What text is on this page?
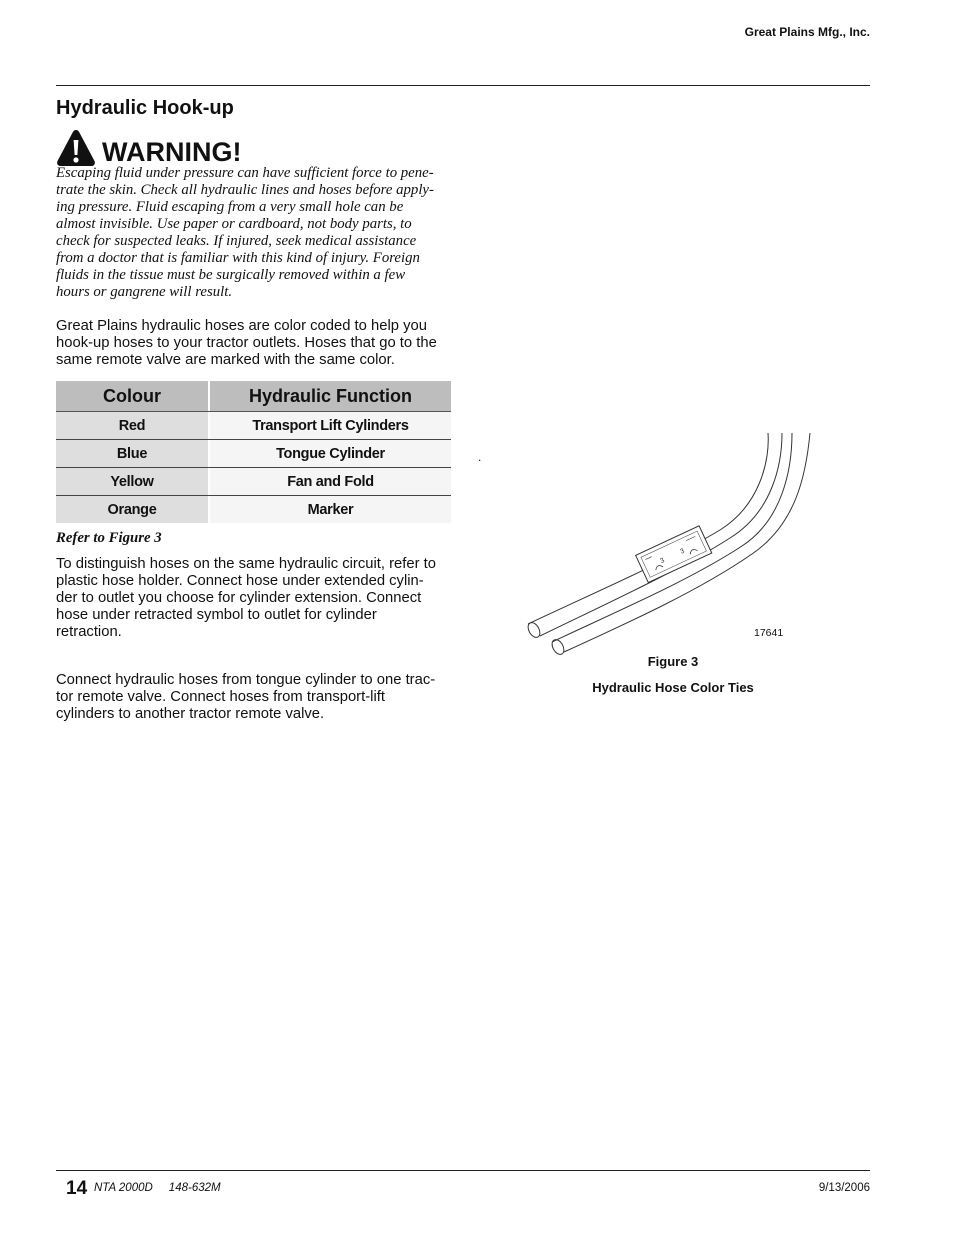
Great Plains Mfg., Inc.
Hydraulic Hook-up
WARNING!
Escaping fluid under pressure can have sufficient force to pene-
trate the skin. Check all hydraulic lines and hoses before apply-
ing pressure. Fluid escaping from a very small hole can be
almost invisible. Use paper or cardboard, not body parts, to
check for suspected leaks. If injured, seek medical assistance
from a doctor that is familiar with this kind of injury. Foreign
fluids in the tissue must be surgically removed within a few
hours or gangrene will result.
Great Plains hydraulic hoses are color coded to help you
hook-up hoses to your tractor outlets. Hoses that go to the
same remote valve are marked with the same color.
Colour	Hydraulic Function
Red	Transport Lift Cylinders
Blue	Tongue Cylinder
Yellow	Fan and Fold
Orange	Marker
Refer to Figure 3
To distinguish hoses on the same hydraulic circuit, refer to
plastic hose holder. Connect hose under extended cylin-
der to outlet you choose for cylinder extension. Connect
hose under retracted symbol to outlet for cylinder
retraction.
Connect hydraulic hoses from tongue cylinder to one trac-
tor remote valve. Connect hoses from transport-lift
cylinders to another tractor remote valve.
.
3
3
17641
Figure 3
Hydraulic Hose Color Ties
14 NTA 2000D 148-632M	9/13/2006
